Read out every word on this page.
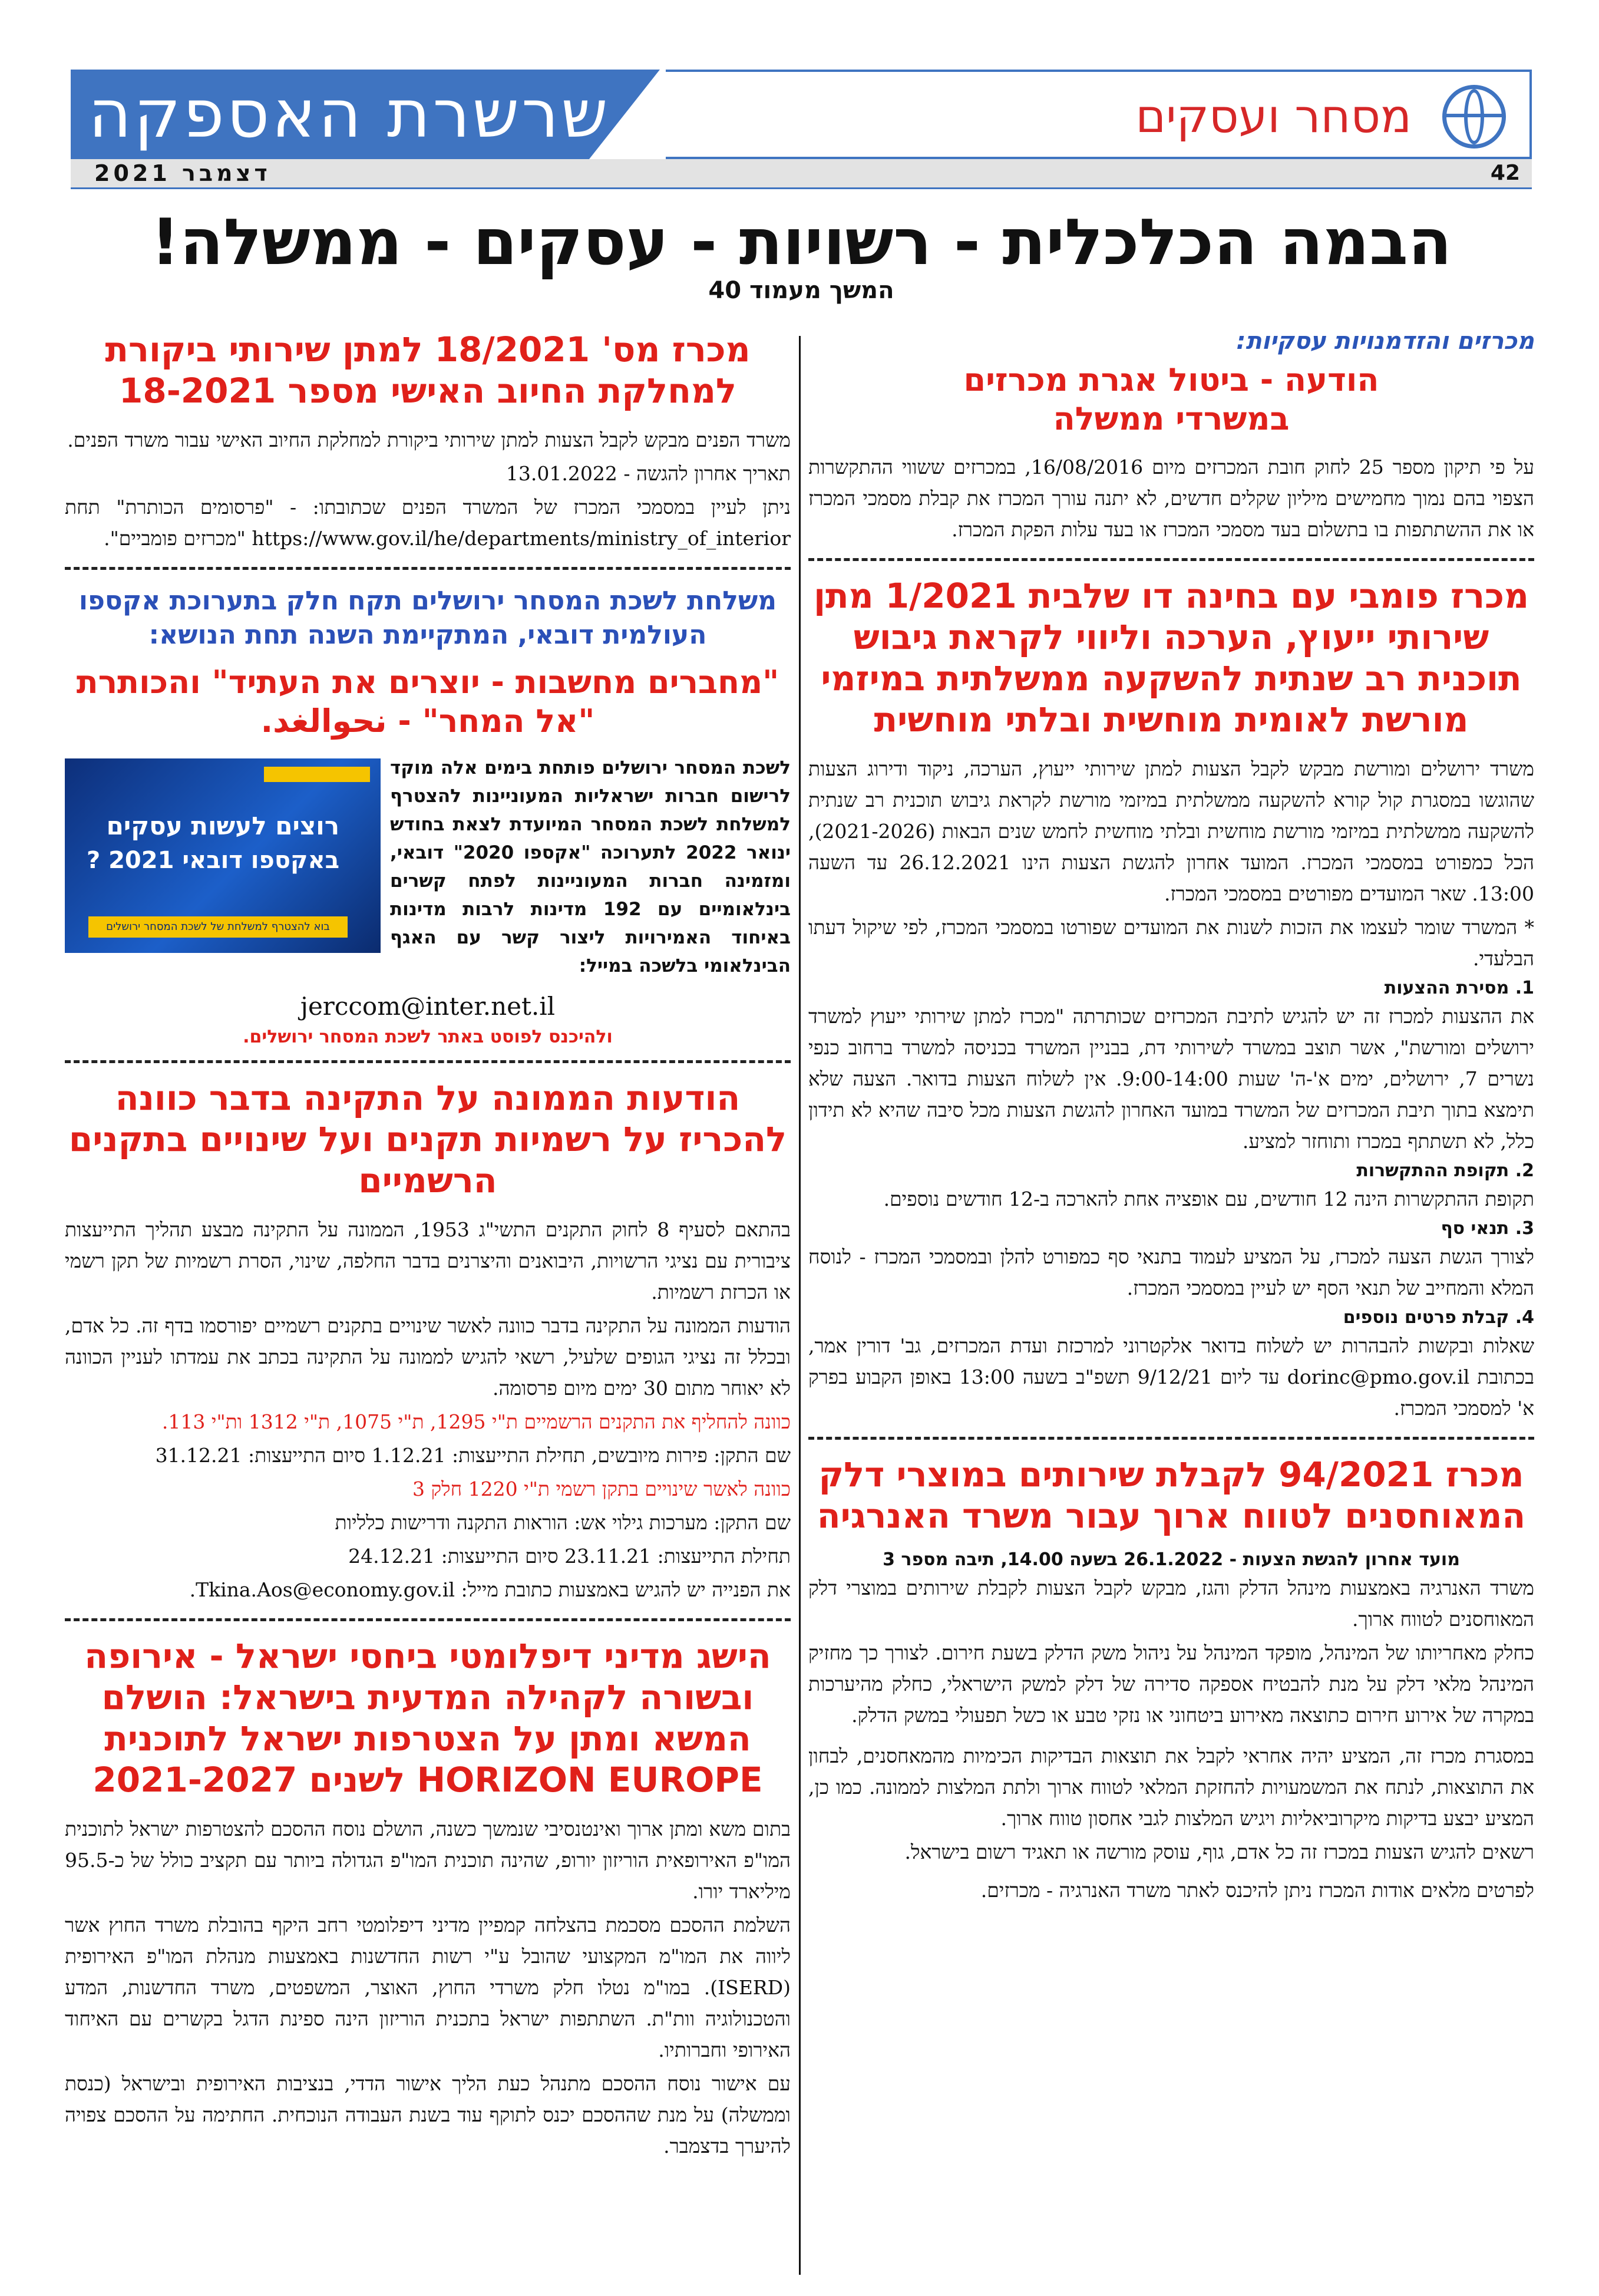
מסחר ועסקים
שרשרת האספקה
דצמבר 2021	42
הבמה הכלכלית - רשויות - עסקים - ממשלה!
המשך מעמוד 40
מכרזים והזדמנויות עסקיות:
הודעה - ביטול אגרת מכרזים במשרדי ממשלה
על פי תיקון מספר 25 לחוק חובת המכרזים מיום 16/08/2016, במכרזים ששווי ההתקשרות הצפוי בהם נמוך מחמישים מיליון שקלים חדשים, לא יתנה עורך המכרז את קבלת מסמכי המכרז או את ההשתתפות בו בתשלום בעד מסמכי המכרז או בעד עלות הפקת המכרז.
מכרז פומבי עם בחינה דו שלבית 1/2021 מתן שירותי ייעוץ, הערכה וליווי לקראת גיבוש תוכנית רב שנתית להשקעה ממשלתית במיזמי מורשת לאומית מוחשית ובלתי מוחשית
משרד ירושלים ומורשת מבקש לקבל הצעות למתן שירותי ייעוץ, הערכה, ניקוד ודירוג הצעות שהוגשו במסגרת קול קורא להשקעה ממשלתית במיזמי מורשת לקראת גיבוש תוכנית רב שנתית להשקעה ממשלתית במיזמי מורשת מוחשית ובלתי מוחשית לחמש שנים הבאות (2021-2026), הכל כמפורט במסמכי המכרז. המועד אחרון להגשת הצעות הינו 26.12.2021 עד השעה 13:00. שאר המועדים מפורטים במסמכי המכרז.
* המשרד שומר לעצמו את הזכות לשנות את המועדים שפורטו במסמכי המכרז, לפי שיקול דעתו הבלעדי.
1. מסירת ההצעות
את ההצעות למכרז זה יש להגיש לתיבת המכרזים שכותרתה "מכרז למתן שירותי ייעוץ למשרד ירושלים ומורשת", אשר תוצב במשרד לשירותי דת, בבניין המשרד בכניסה למשרד ברחוב כנפי נשרים 7, ירושלים, ימים א'-ה' שעות 9:00-14:00. אין לשלוח הצעות בדואר. הצעה שלא תימצא בתוך תיבת המכרזים של המשרד במועד האחרון להגשת הצעות מכל סיבה שהיא לא תידון כלל, לא תשתתף במכרז ותוחזר למציע.
2. תקופת ההתקשרות
תקופת ההתקשרות הינה 12 חודשים, עם אופציה אחת להארכה ב-12 חודשים נוספים.
3. תנאי סף
לצורך הגשת הצעה למכרז, על המציע לעמוד בתנאי סף כמפורט להלן ובמסמכי המכרז - לנוסח המלא והמחייב של תנאי הסף יש לעיין במסמכי המכרז.
4. קבלת פרטים נוספים
שאלות ובקשות להבהרות יש לשלוח בדואר אלקטרוני למרכזת ועדת המכרזים, גב' דורין אמר, בכתובת dorinc@pmo.gov.il עד ליום 9/12/21 תשפ"ב בשעה 13:00 באופן הקבוע בפרק א' למסמכי המכרז.
מכרז 94/2021 לקבלת שירותים במוצרי דלק המאוחסנים לטווח ארוך עבור משרד האנרגיה
מועד אחרון להגשת הצעות - 26.1.2022 בשעה 14.00, תיבה מספר 3
משרד האנרגיה באמצעות מינהל הדלק והגז, מבקש לקבל הצעות לקבלת שירותים במוצרי דלק המאוחסנים לטווח ארוך.
כחלק מאחריותו של המינהל, מופקד המינהל על ניהול משק הדלק בשעת חירום. לצורך כך מחזיק המינהל מלאי דלק על מנת להבטיח אספקה סדירה של דלק למשק הישראלי, כחלק מהיערכות במקרה של אירוע חירום כתוצאה מאירוע ביטחוני או נזקי טבע או כשל תפעולי במשק הדלק.
במסגרת מכרז זה, המציע יהיה אחראי לקבל את תוצאות הבדיקות הכימיות מהמאחסנים, לבחון את התוצאות, לנתח את המשמעויות להחזקת המלאי לטווח ארוך ולתת המלצות לממונה. כמו כן, המציע יבצע בדיקות מיקרוביאליות ויגיש המלצות לגבי אחסון טווח ארוך.
רשאים להגיש הצעות במכרז זה כל אדם, גוף, עוסק מורשה או תאגיד רשום בישראל.
לפרטים מלאים אודות המכרז ניתן להיכנס לאתר משרד האנרגיה - מכרזים.
מכרז מס' 18/2021 למתן שירותי ביקורת למחלקת החיוב האישי מספר 18-2021
משרד הפנים מבקש לקבל הצעות למתן שירותי ביקורת למחלקת החיוב האישי עבור משרד הפנים.
תאריך אחרון להגשה - 13.01.2022
ניתן לעיין במסמכי המכרז של המשרד הפנים שכתובתו: - "פרסומים הכותרת" תחת https://www.gov.il/he/departments/ministry_of_interior "מכרזים פומביים".
משלחת לשכת המסחר ירושלים תקח חלק בתערוכת אקספו העולמית דובאי, המתקיימת השנה תחת הנושא:
"מחברים מחשבות - יוצרים את העתיד" והכותרת "אל המחר" - نحوالغد.
לשכת המסחר ירושלים פותחת בימים אלה מוקד לרישום חברות ישראליות המעוניינות להצטרף למשלחת לשכת המסחר המיועדת לצאת בחודש ינואר 2022 לתערוכה "אקספו 2020" דובאי, ומזמינה חברות המעוניינות לפתח קשרים בינלאומיים עם 192 מדינות לרבות מדינות באיחוד האמירויות ליצור קשר עם האגף הבינלאומי בלשכה במייל:
רוצים לעשות עסקים
באקספו דובאי 2021 ?
בוא להצטרף למשלחת של לשכת המסחר ירושלים
jerccom@inter.net.il
ולהיכנס לפוסט באתר לשכת המסחר ירושלים.
הודעות הממונה על התקינה בדבר כוונה להכריז על רשמיות תקנים ועל שינויים בתקנים הרשמיים
בהתאם לסעיף 8 לחוק התקנים התשי"ג 1953, הממונה על התקינה מבצע תהליך התייעצות ציבורית עם נציגי הרשויות, היבואנים והיצרנים בדבר החלפה, שינוי, הסרת רשמיות של תקן רשמי או הכרזת רשמיות.
הודעות הממונה על התקינה בדבר כוונה לאשר שינויים בתקנים רשמיים יפורסמו בדף זה. כל אדם, ובכלל זה נציגי הגופים שלעיל, רשאי להגיש לממונה על התקינה בכתב את עמדתו לעניין הכוונה לא יאוחר מתום 30 ימים מיום פרסומה.
כוונה להחליף את התקנים הרשמיים ת"י 1295, ת"י 1075, ת"י 1312 ות"י 113.
שם התקן: פירות מיובשים, תחילת התייעצות: 1.12.21 סיום התייעצות: 31.12.21
כוונה לאשר שינויים בתקן רשמי ת"י 1220 חלק 3
שם התקן: מערכות גילוי אש: הוראות התקנה ודרישות כלליות
תחילת התייעצות: 23.11.21 סיום התייעצות: 24.12.21
את הפנייה יש להגיש באמצעות כתובת מייל: Tkina.Aos@economy.gov.il.
הישג מדיני דיפלומטי ביחסי ישראל - אירופה ובשורה לקהילה המדעית בישראל: הושלם המשא ומתן על הצטרפות ישראל לתוכנית HORIZON EUROPE לשנים 2021-2027
בתום משא ומתן ארוך ואינטנסיבי שנמשך כשנה, הושלם נוסח ההסכם להצטרפות ישראל לתוכנית המו"פ האירופאית הוריזון יורופ, שהינה תוכנית המו"פ הגדולה ביותר עם תקציב כולל של כ-95.5 מיליארד יורו.
השלמת ההסכם מסכמת בהצלחה קמפיין מדיני דיפלומטי רחב היקף בהובלת משרד החוץ אשר ליווה את המו"מ המקצועי שהובל ע"י רשות החדשנות באמצעות מנהלת המו"פ האירופית (ISERD). במו"מ נטלו חלק משרדי החוץ, האוצר, המשפטים, משרד החדשנות, המדע והטכנולוגיה וות"ת. השתתפות ישראל בתכנית הוריזון הינה ספינת הדגל בקשרים עם האיחוד האירופי וחברותיו.
עם אישור נוסח ההסכם מתנהל כעת הליך אישור הדדי, בנציבות האירופית ובישראל (כנסת וממשלה) על מנת שההסכם יכנס לתוקף עוד בשנת העבודה הנוכחית. החתימה על ההסכם צפויה להיערך בדצמבר.
